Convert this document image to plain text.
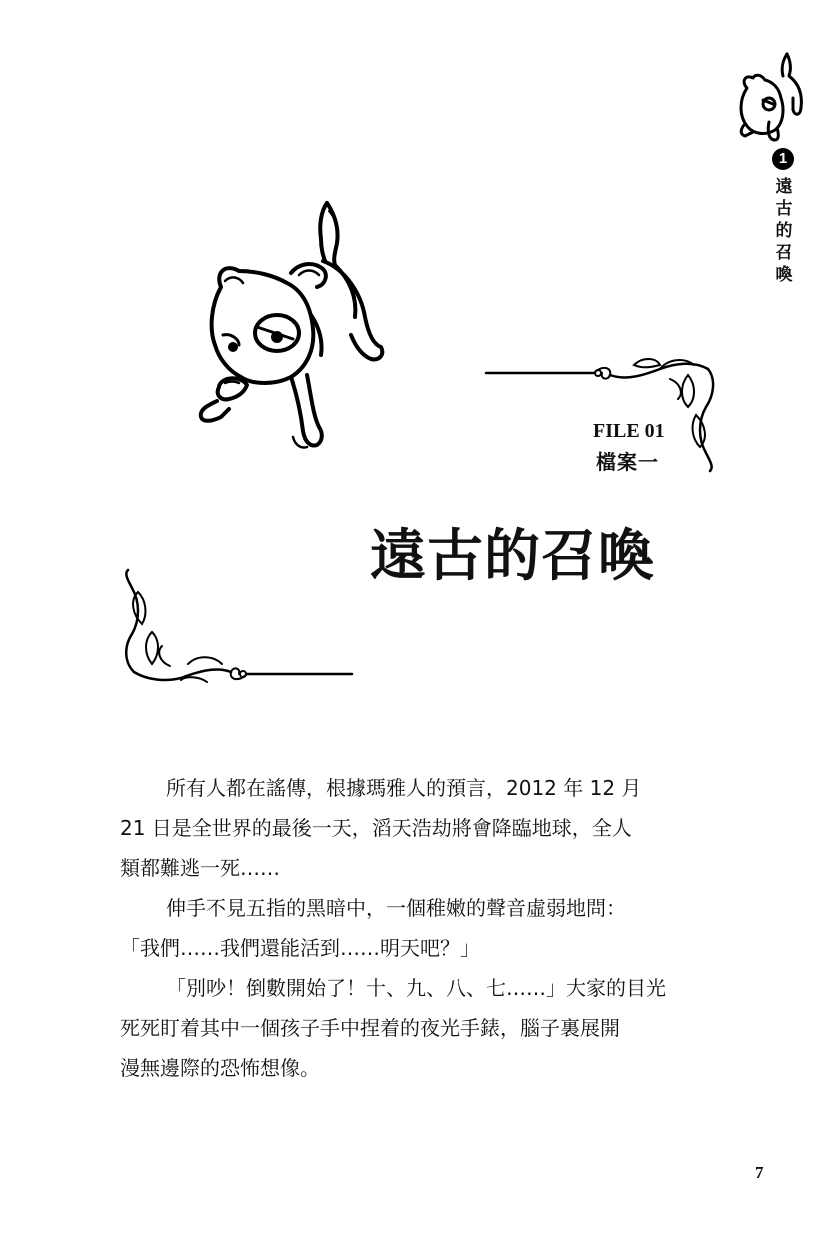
1
遠古的召喚
FILE 01
檔案一
遠古的召喚
所有人都在謠傳，根據瑪雅人的預言，2012 年 12 月
21 日是全世界的最後一天，滔天浩劫將會降臨地球，全人
類都難逃一死……
伸手不見五指的黑暗中，一個稚嫩的聲音虛弱地問：
「我們……我們還能活到……明天吧？」
「別吵！倒數開始了！十、九、八、七……」大家的目光
死死盯着其中一個孩子手中捏着的夜光手錶，腦子裏展開
漫無邊際的恐怖想像。
7
